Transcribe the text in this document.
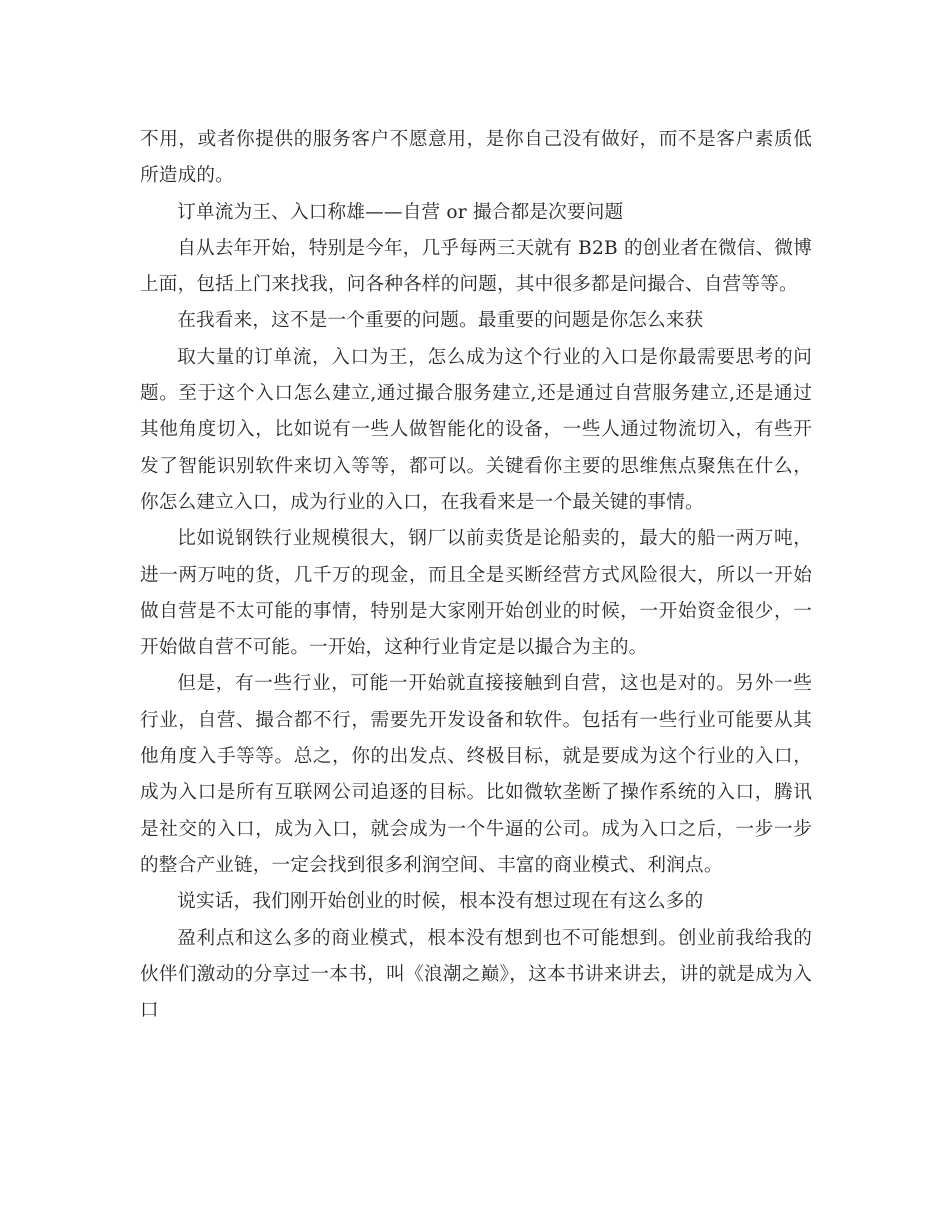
不用，或者你提供的服务客户不愿意用，是你自己没有做好，而不是客户素质低所造成的。

订单流为王、入口称雄——自营 or 撮合都是次要问题

自从去年开始，特别是今年，几乎每两三天就有 B2B 的创业者在微信、微博上面，包括上门来找我，问各种各样的问题，其中很多都是问撮合、自营等等。

在我看来，这不是一个重要的问题。最重要的问题是你怎么来获

取大量的订单流，入口为王，怎么成为这个行业的入口是你最需要思考的问题。至于这个入口怎么建立,通过撮合服务建立,还是通过自营服务建立,还是通过其他角度切入，比如说有一些人做智能化的设备，一些人通过物流切入，有些开发了智能识别软件来切入等等，都可以。关键看你主要的思维焦点聚焦在什么，你怎么建立入口，成为行业的入口，在我看来是一个最关键的事情。

比如说钢铁行业规模很大，钢厂以前卖货是论船卖的，最大的船一两万吨，进一两万吨的货，几千万的现金，而且全是买断经营方式风险很大，所以一开始做自营是不太可能的事情，特别是大家刚开始创业的时候，一开始资金很少，一开始做自营不可能。一开始，这种行业肯定是以撮合为主的。

但是，有一些行业，可能一开始就直接接触到自营，这也是对的。另外一些行业，自营、撮合都不行，需要先开发设备和软件。包括有一些行业可能要从其他角度入手等等。总之，你的出发点、终极目标，就是要成为这个行业的入口，成为入口是所有互联网公司追逐的目标。比如微软垄断了操作系统的入口，腾讯是社交的入口，成为入口，就会成为一个牛逼的公司。成为入口之后，一步一步的整合产业链，一定会找到很多利润空间、丰富的商业模式、利润点。

说实话，我们刚开始创业的时候，根本没有想过现在有这么多的

盈利点和这么多的商业模式，根本没有想到也不可能想到。创业前我给我的伙伴们激动的分享过一本书，叫《浪潮之巅》，这本书讲来讲去，讲的就是成为入口
